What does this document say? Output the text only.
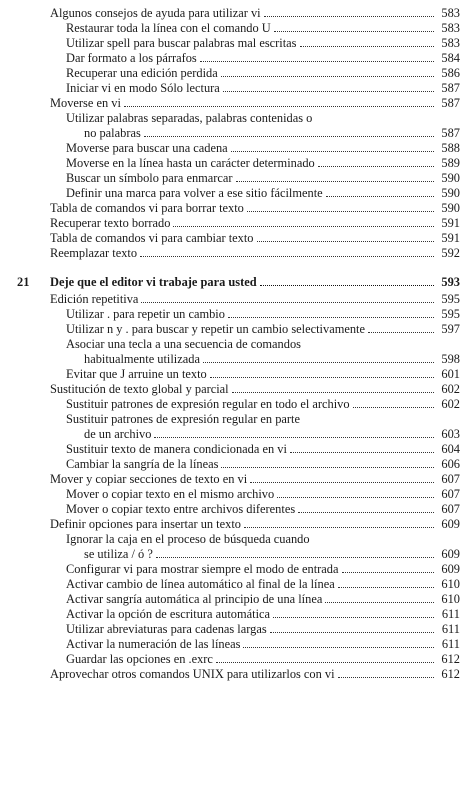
Algunos consejos de ayuda para utilizar vi	583
Restaurar toda la línea con el comando U	583
Utilizar spell para buscar palabras mal escritas	583
Dar formato a los párrafos	584
Recuperar una edición perdida	586
Iniciar vi en modo Sólo lectura	587
Moverse en vi	587
Utilizar palabras separadas, palabras contenidas o
no palabras	587
Moverse para buscar una cadena	588
Moverse en la línea hasta un carácter determinado	589
Buscar un símbolo para enmarcar	590
Definir una marca para volver a ese sitio fácilmente	590
Tabla de comandos vi para borrar texto	590
Recuperar texto borrado	591
Tabla de comandos vi para cambiar texto	591
Reemplazar texto	592
21 Deje que el editor vi trabaje para usted	593
Edición repetitiva	595
Utilizar . para repetir un cambio	595
Utilizar n y . para buscar y repetir un cambio selectivamente	597
Asociar una tecla a una secuencia de comandos
habitualmente utilizada	598
Evitar que J arruine un texto	601
Sustitución de texto global y parcial	602
Sustituir patrones de expresión regular en todo el archivo	602
Sustituir patrones de expresión regular en parte
de un archivo	603
Sustituir texto de manera condicionada en vi	604
Cambiar la sangría de la líneas	606
Mover y copiar secciones de texto en vi	607
Mover o copiar texto en el mismo archivo	607
Mover o copiar texto entre archivos diferentes	607
Definir opciones para insertar un texto	609
Ignorar la caja en el proceso de búsqueda cuando
se utiliza / ó ?	609
Configurar vi para mostrar siempre el modo de entrada	609
Activar cambio de línea automático al final de la línea	610
Activar sangría automática al principio de una línea	610
Activar la opción de escritura automática	611
Utilizar abreviaturas para cadenas largas	611
Activar la numeración de las líneas	611
Guardar las opciones en .exrc	612
Aprovechar otros comandos UNIX para utilizarlos con vi	612
